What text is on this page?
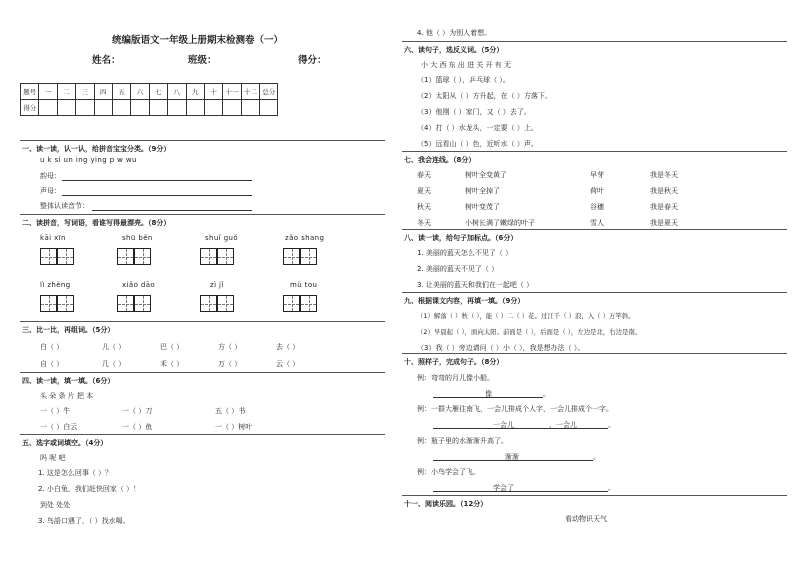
统编版语文一年级上册期末检测卷（一）
姓名：	班级：	得分：
题号	一	二	三	四	五	六	七	八	九	十	十一	十二	总分
得分													
一、读一读，认一认，给拼音宝宝分类。（9分）
u k si un ing ying p w wu
韵母：
声母：
整体认读音节：
二、读拼音，写词语，看谁写得最漂亮。（8分）
kāi xīn	shū běn	shuǐ guǒ	zǎo shang
lì zhèng	xiǎo dāo	zì jǐ	mù tou
三、比一比，再组词。（5分）
白（ ）	儿（ ）	巴（ ）	方（ ）	去（ ）
自（ ）	几（ ）	禾（ ）	万（ ）	云（ ）
四、读一读，填一填。（6分）
头 朵 条 片 把 本
一（ ）牛	一（ ）刀	五（ ）书
一（ ）白云	一（ ）鱼	一（ ）树叶
五、选字或词填空。（4分）
吗 呢 吧
1. 这是怎么回事（ ）？
2. 小白兔，我们赶快回家（ ）！
到处 处处
3. 鸟語口遇了，（ ）找水喝。
4. 他（ ）为别人着想。
六、读句子，选反义词。（5分）
小 大 西 东 出 进 关 开 有 无
（1）篮球（ ），乒乓球（ ）。
（2）太阳从（ ）方升起，在（ ）方落下。
（3）他刚（ ）家门，又（ ）去了。
（4）打（ ）水龙头，一定要（ ）上。
（5）远看山（ ）色，近听水（ ）声。
七、我会连线。（8分）
春天	树叶全变黄了	早芽	我是冬天
夏天	树叶全掉了	荷叶	我是秋天
秋天	树叶变茂了	谷穗	我是春天
冬天	小树长满了嫩绿的叶子	雪人	我是夏天
八、读一读，给句子加标点。（6分）
1. 美丽的蓝天怎么不见了（ ）
2. 美丽的蓝天不见了（ ）
3. 让美丽的蓝天和我们在一起吧（ ）
九、根据课文内容，再填一填。（9分）
（1）解落（ ）秋（ ），能（ ）二（ ）花。过江千（ ）浪，入（ ）万竿斜。
（2）早晨起（ ），面向太阳。前面是（ ），后面是（ ），左边是北，右边是南。
（3）我（ ）旁边请问（ ）小（ ），我是想办法（ ）。
十、照样子，完成句子。（8分）
例：弯弯的月儿像小船。
像	。
例：一群大雁往南飞，一会儿排成个人字，一会儿排成个一字。
一会儿	，一会儿	。
例：瓶子里的水渐渐升高了。
渐渐	。
例：小鸟学会了飞。
学会了	。
十一、阅读乐园。（12分）
看动物识天气
